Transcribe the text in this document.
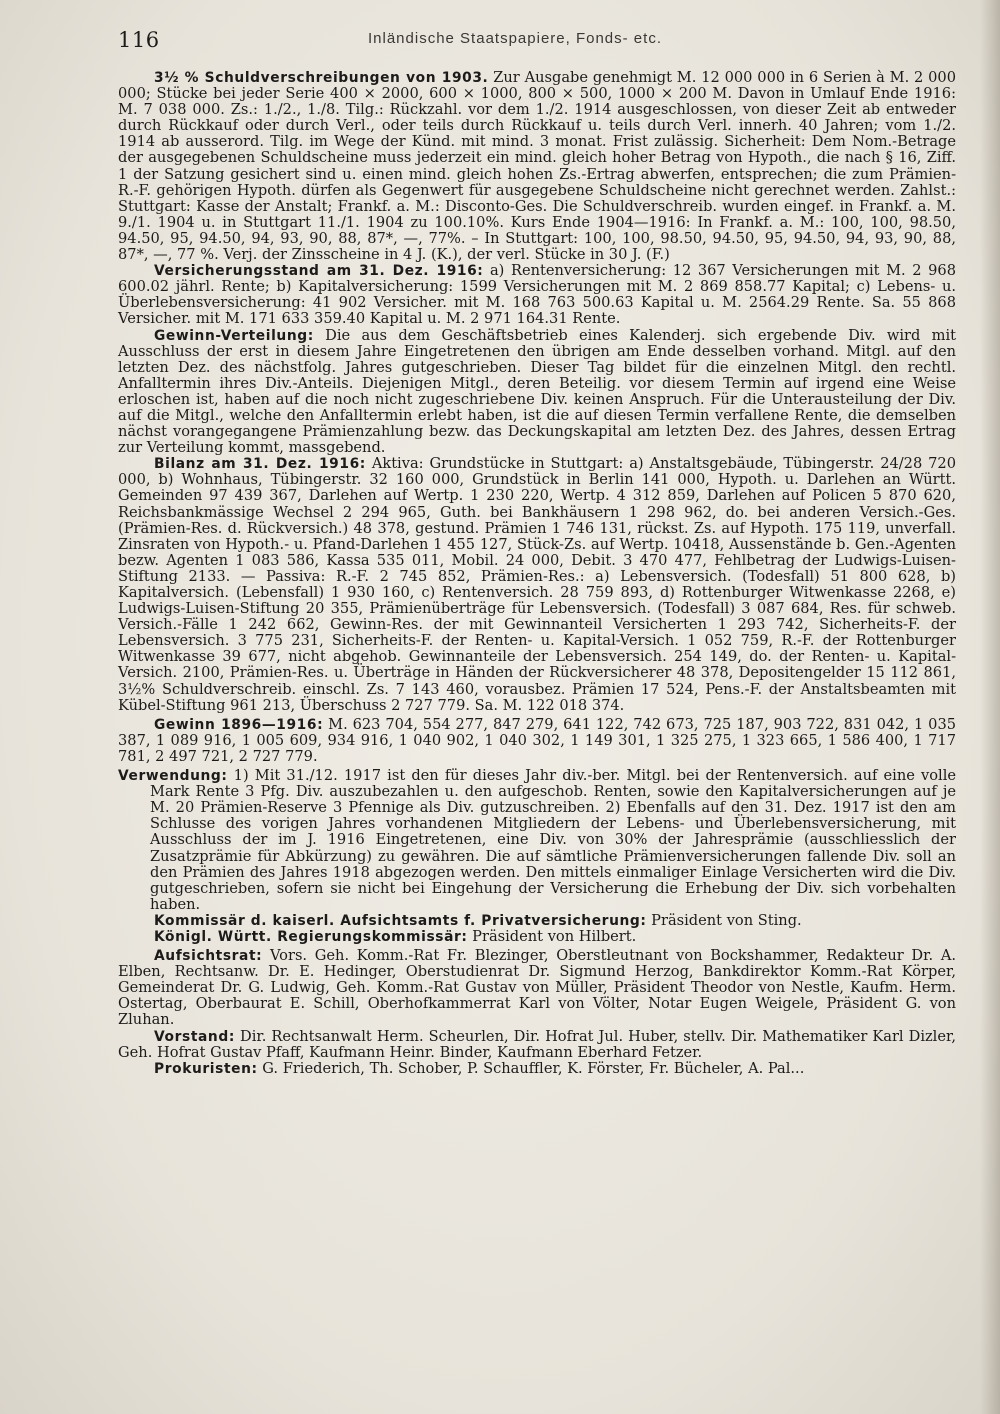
116	Inländische Staatspapiere, Fonds- etc.

3½ % Schuldverschreibungen von 1903. Zur Ausgabe genehmigt M. 12 000 000 in 6 Serien à M. 2 000 000; Stücke bei jeder Serie 400 × 2000, 600 × 1000, 800 × 500, 1000 × 200 M. Davon in Umlauf Ende 1916: M. 7 038 000. Zs.: 1./2., 1./8. Tilg.: Rückzahl. vor dem 1./2. 1914 ausgeschlossen, von dieser Zeit ab entweder durch Rückkauf oder durch Verl., oder teils durch Rückkauf u. teils durch Verl. innerh. 40 Jahren; vom 1./2. 1914 ab ausserord. Tilg. im Wege der Künd. mit mind. 3 monat. Frist zulässig. Sicherheit: Dem Nom.-Betrage der ausgegebenen Schuldscheine muss jederzeit ein mind. gleich hoher Betrag von Hypoth., die nach § 16, Ziff. 1 der Satzung gesichert sind u. einen mind. gleich hohen Zs.-Ertrag abwerfen, entsprechen; die zum Prämien-R.-F. gehörigen Hypoth. dürfen als Gegenwert für ausgegebene Schuldscheine nicht gerechnet werden. Zahlst.: Stuttgart: Kasse der Anstalt; Frankf. a. M.: Disconto-Ges. Die Schuldverschreib. wurden eingef. in Frankf. a. M. 9./1. 1904 u. in Stuttgart 11./1. 1904 zu 100.10%. Kurs Ende 1904—1916: In Frankf. a. M.: 100, 100, 98.50, 94.50, 95, 94.50, 94, 93, 90, 88, 87*, —, 77%. – In Stuttgart: 100, 100, 98.50, 94.50, 95, 94.50, 94, 93, 90, 88, 87*, —, 77 %. Verj. der Zinsscheine in 4 J. (K.), der verl. Stücke in 30 J. (F.)

Versicherungsstand am 31. Dez. 1916: a) Rentenversicherung: 12 367 Versicherungen mit M. 2 968 600.02 jährl. Rente; b) Kapitalversicherung: 1599 Versicherungen mit M. 2 869 858.77 Kapital; c) Lebens- u. Überlebensversicherung: 41 902 Versicher. mit M. 168 763 500.63 Kapital u. M. 2564.29 Rente. Sa. 55 868 Versicher. mit M. 171 633 359.40 Kapital u. M. 2 971 164.31 Rente.

Gewinn-Verteilung: Die aus dem Geschäftsbetrieb eines Kalenderj. sich ergebende Div. wird mit Ausschluss der erst in diesem Jahre Eingetretenen den übrigen am Ende desselben vorhand. Mitgl. auf den letzten Dez. des nächstfolg. Jahres gutgeschrieben. Dieser Tag bildet für die einzelnen Mitgl. den rechtl. Anfalltermin ihres Div.-Anteils. Diejenigen Mitgl., deren Beteilig. vor diesem Termin auf irgend eine Weise erloschen ist, haben auf die noch nicht zugeschriebene Div. keinen Anspruch. Für die Unterausteilung der Div. auf die Mitgl., welche den Anfalltermin erlebt haben, ist die auf diesen Termin verfallene Rente, die demselben nächst vorangegangene Prämienzahlung bezw. das Deckungskapital am letzten Dez. des Jahres, dessen Ertrag zur Verteilung kommt, massgebend.

Bilanz am 31. Dez. 1916: Aktiva: Grundstücke in Stuttgart: a) Anstaltsgebäude, Tübingerstr. 24/28 720 000, b) Wohnhaus, Tübingerstr. 32 160 000, Grundstück in Berlin 141 000, Hypoth. u. Darlehen an Württ. Gemeinden 97 439 367, Darlehen auf Wertp. 1 230 220, Wertp. 4 312 859, Darlehen auf Policen 5 870 620, Reichsbankmässige Wechsel 2 294 965, Guth. bei Bankhäusern 1 298 962, do. bei anderen Versich.-Ges. (Prämien-Res. d. Rückversich.) 48 378, gestund. Prämien 1 746 131, rückst. Zs. auf Hypoth. 175 119, unverfall. Zinsraten von Hypoth.- u. Pfand-Darlehen 1 455 127, Stück-Zs. auf Wertp. 10418, Aussenstände b. Gen.-Agenten bezw. Agenten 1 083 586, Kassa 535 011, Mobil. 24 000, Debit. 3 470 477, Fehlbetrag der Ludwigs-Luisen-Stiftung 2133. — Passiva: R.-F. 2 745 852, Prämien-Res.: a) Lebensversich. (Todesfall) 51 800 628, b) Kapitalversich. (Lebensfall) 1 930 160, c) Rentenversich. 28 759 893, d) Rottenburger Witwenkasse 2268, e) Ludwigs-Luisen-Stiftung 20 355, Prämienüberträge für Lebensversich. (Todesfall) 3 087 684, Res. für schweb. Versich.-Fälle 1 242 662, Gewinn-Res. der mit Gewinnanteil Versicherten 1 293 742, Sicherheits-F. der Lebensversich. 3 775 231, Sicherheits-F. der Renten- u. Kapital-Versich. 1 052 759, R.-F. der Rottenburger Witwenkasse 39 677, nicht abgehob. Gewinnanteile der Lebensversich. 254 149, do. der Renten- u. Kapital-Versich. 2100, Prämien-Res. u. Überträge in Händen der Rückversicherer 48 378, Depositengelder 15 112 861, 3½% Schuldverschreib. einschl. Zs. 7 143 460, vorausbez. Prämien 17 524, Pens.-F. der Anstaltsbeamten mit Kübel-Stiftung 961 213, Überschuss 2 727 779. Sa. M. 122 018 374.

Gewinn 1896—1916: M. 623 704, 554 277, 847 279, 641 122, 742 673, 725 187, 903 722, 831 042, 1 035 387, 1 089 916, 1 005 609, 934 916, 1 040 902, 1 040 302, 1 149 301, 1 325 275, 1 323 665, 1 586 400, 1 717 781, 2 497 721, 2 727 779.

Verwendung: 1) Mit 31./12. 1917 ist den für dieses Jahr div.-ber. Mitgl. bei der Rentenversich. auf eine volle Mark Rente 3 Pfg. Div. auszubezahlen u. den aufgeschob. Renten, sowie den Kapitalversicherungen auf je M. 20 Prämien-Reserve 3 Pfennige als Div. gutzuschreiben. 2) Ebenfalls auf den 31. Dez. 1917 ist den am Schlusse des vorigen Jahres vorhandenen Mitgliedern der Lebens- und Überlebensversicherung, mit Ausschluss der im J. 1916 Eingetretenen, eine Div. von 30% der Jahresprämie (ausschliesslich der Zusatzprämie für Abkürzung) zu gewähren. Die auf sämtliche Prämienversicherungen fallende Div. soll an den Prämien des Jahres 1918 abgezogen werden. Den mittels einmaliger Einlage Versicherten wird die Div. gutgeschrieben, sofern sie nicht bei Eingehung der Versicherung die Erhebung der Div. sich vorbehalten haben.

Kommissär d. kaiserl. Aufsichtsamts f. Privatversicherung: Präsident von Sting.

Königl. Württ. Regierungskommissär: Präsident von Hilbert.

Aufsichtsrat: Vors. Geh. Komm.-Rat Fr. Blezinger, Oberstleutnant von Bockshammer, Redakteur Dr. A. Elben, Rechtsanw. Dr. E. Hedinger, Oberstudienrat Dr. Sigmund Herzog, Bankdirektor Komm.-Rat Körper, Gemeinderat Dr. G. Ludwig, Geh. Komm.-Rat Gustav von Müller, Präsident Theodor von Nestle, Kaufm. Herm. Ostertag, Oberbaurat E. Schill, Oberhofkammerrat Karl von Völter, Notar Eugen Weigele, Präsident G. von Zluhan.

Vorstand: Dir. Rechtsanwalt Herm. Scheurlen, Dir. Hofrat Jul. Huber, stellv. Dir. Mathematiker Karl Dizler, Geh. Hofrat Gustav Pfaff, Kaufmann Heinr. Binder, Kaufmann Eberhard Fetzer.

Prokuristen: G. Friederich, Th. Schober, P. Schauffler, K. Förster, Fr. Bücheler, A. Pal...
